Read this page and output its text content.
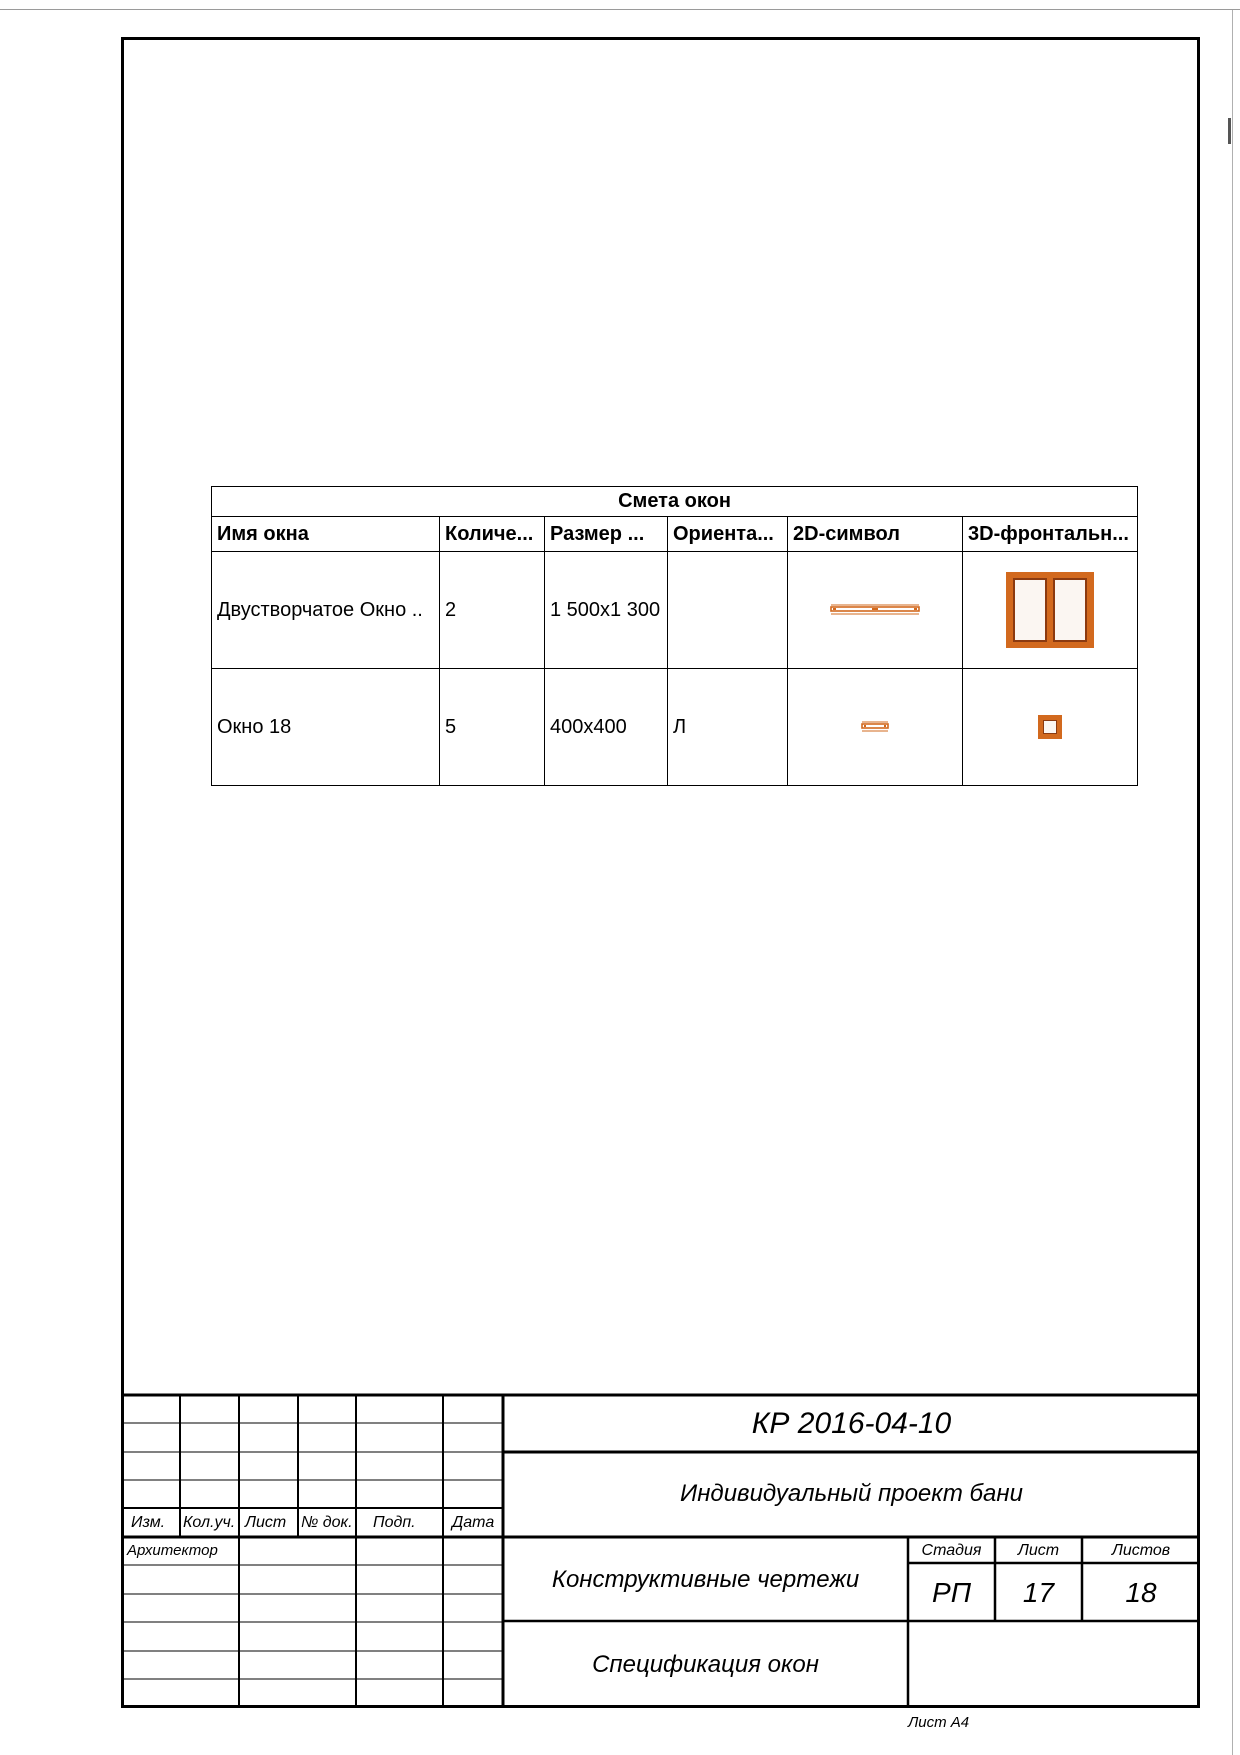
Смета окон					
Имя окна	Количе...	Размер ...	Ориента...	2D-символ	3D-фронтальн...
Двустворчатое Окно ..	2	1 500x1 300		

Окно 18	5	400x400	Л	

Изм. Кол.уч. Лист № док. Подп. Дата
Архитектор
КР 2016-04-10
Индивидуальный проект бани
Конструктивные чертежи
Спецификация окон
Стадия	Лист	Листов
РП	17	18
Лист А4
